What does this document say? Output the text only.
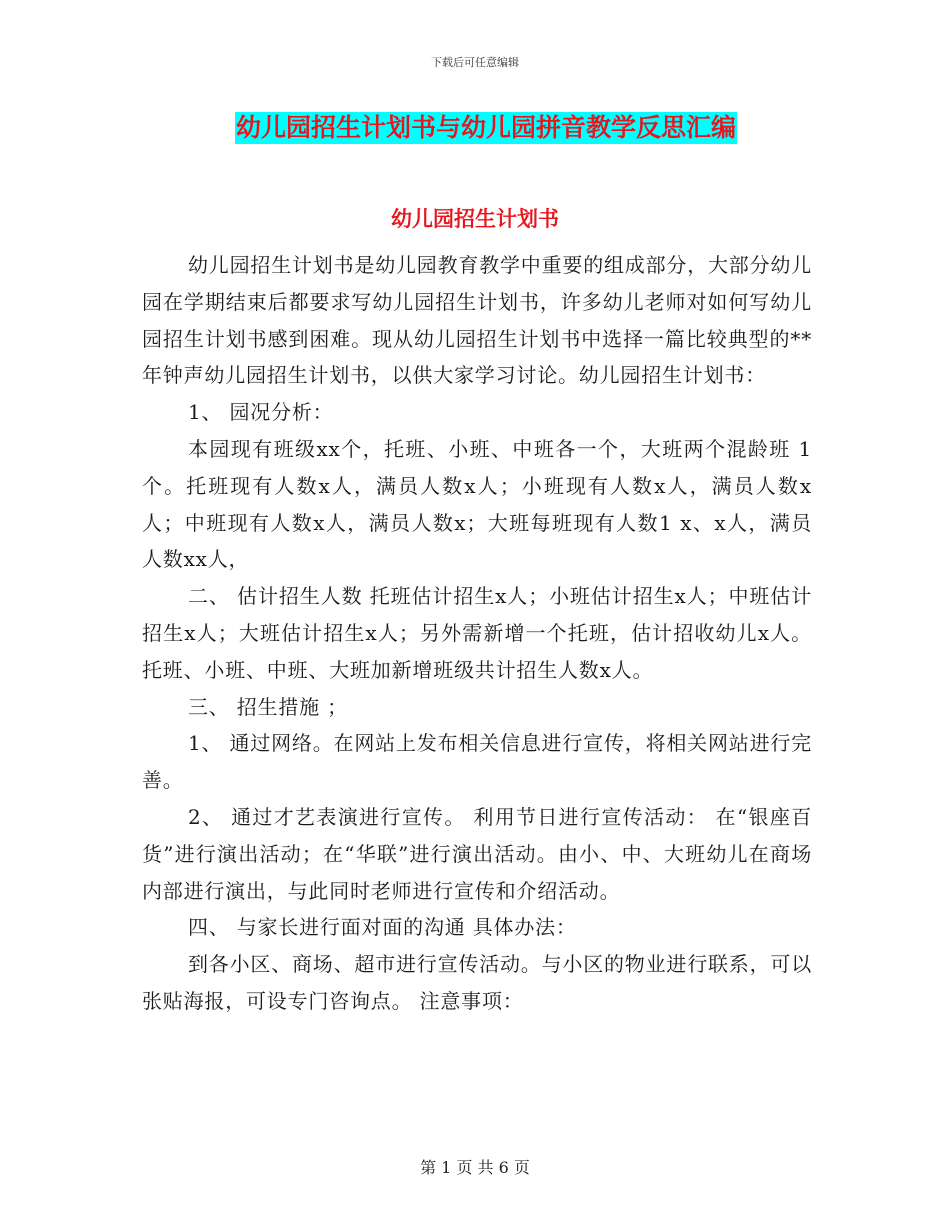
下载后可任意编辑
幼儿园招生计划书与幼儿园拼音教学反思汇编
幼儿园招生计划书

幼儿园招生计划书是幼儿园教育教学中重要的组成部分，大部分幼儿园在学期结束后都要求写幼儿园招生计划书，许多幼儿老师对如何写幼儿园招生计划书感到困难。现从幼儿园招生计划书中选择一篇比较典型的**年钟声幼儿园招生计划书，以供大家学习讨论。幼儿园招生计划书：

1、 园况分析：

本园现有班级xx个，托班、小班、中班各一个，大班两个混龄班 1个。托班现有人数x人，满员人数x人；小班现有人数x人，满员人数x人；中班现有人数x人，满员人数x；大班每班现有人数1 x、x人，满员人数xx人，

二、 估计招生人数 托班估计招生x人；小班估计招生x人；中班估计招生x人；大班估计招生x人；另外需新增一个托班，估计招收幼儿x人。托班、小班、中班、大班加新增班级共计招生人数x人。

三、 招生措施 ；

1、 通过网络。在网站上发布相关信息进行宣传，将相关网站进行完善。

2、 通过才艺表演进行宣传。 利用节日进行宣传活动： 在“银座百货”进行演出活动；在“华联”进行演出活动。由小、中、大班幼儿在商场内部进行演出，与此同时老师进行宣传和介绍活动。

四、 与家长进行面对面的沟通 具体办法：

到各小区、商场、超市进行宣传活动。与小区的物业进行联系，可以张贴海报，可设专门咨询点。 注意事项：

第 1 页 共 6 页
